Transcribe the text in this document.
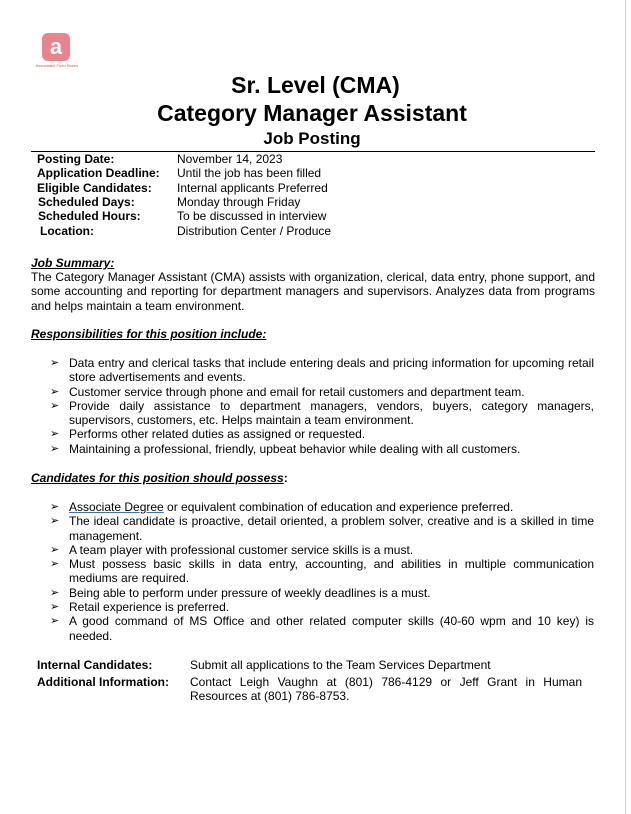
a
Associated Food Stores
Sr. Level (CMA)
Category Manager Assistant
Job Posting
Posting Date:	November 14, 2023
Application Deadline: Until the job has been filled
Eligible Candidates: Internal applicants Preferred
Scheduled Days:	Monday through Friday
Scheduled Hours:	To be discussed in interview
Location:	Distribution Center / Produce
Job Summary:
The Category Manager Assistant (CMA) assists with organization, clerical, data entry, phone support, and some accounting and reporting for department managers and supervisors. Analyzes data from programs and helps maintain a team environment.
Responsibilities for this position include:
➢ Data entry and clerical tasks that include entering deals and pricing information for upcoming retail store advertisements and events.
➢ Customer service through phone and email for retail customers and department team.
➢ Provide daily assistance to department managers, vendors, buyers, category managers, supervisors, customers, etc. Helps maintain a team environment.
➢ Performs other related duties as assigned or requested.
➢ Maintaining a professional, friendly, upbeat behavior while dealing with all customers.
Candidates for this position should possess:
➢ Associate Degree or equivalent combination of education and experience preferred.
➢ The ideal candidate is proactive, detail oriented, a problem solver, creative and is a skilled in time management.
➢ A team player with professional customer service skills is a must.
➢ Must possess basic skills in data entry, accounting, and abilities in multiple communication mediums are required.
➢ Being able to perform under pressure of weekly deadlines is a must.
➢ Retail experience is preferred.
➢ A good command of MS Office and other related computer skills (40-60 wpm and 10 key) is needed.
Internal Candidates:	Submit all applications to the Team Services Department
Additional Information: Contact Leigh Vaughn at (801) 786-4129 or Jeff Grant in Human Resources at (801) 786-8753.
